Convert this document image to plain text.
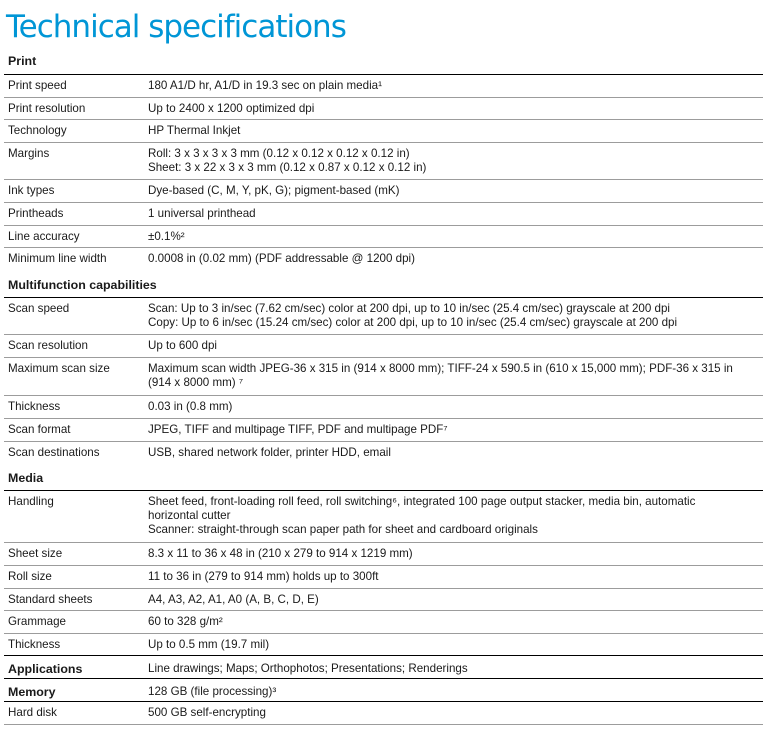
Technical specifications
Print
Print speed	180 A1/D hr, A1/D in 19.3 sec on plain media¹
Print resolution	Up to 2400 x 1200 optimized dpi
Technology	HP Thermal Inkjet
Margins	Roll: 3 x 3 x 3 x 3 mm (0.12 x 0.12 x 0.12 x 0.12 in)
Sheet: 3 x 22 x 3 x 3 mm (0.12 x 0.87 x 0.12 x 0.12 in)
Ink types	Dye-based (C, M, Y, pK, G); pigment-based (mK)
Printheads	1 universal printhead
Line accuracy	±0.1%²
Minimum line width	0.0008 in (0.02 mm) (PDF addressable @ 1200 dpi)
Multifunction capabilities
Scan speed	Scan: Up to 3 in/sec (7.62 cm/sec) color at 200 dpi, up to 10 in/sec (25.4 cm/sec) grayscale at 200 dpi
Copy: Up to 6 in/sec (15.24 cm/sec) color at 200 dpi, up to 10 in/sec (25.4 cm/sec) grayscale at 200 dpi
Scan resolution	Up to 600 dpi
Maximum scan size	Maximum scan width JPEG-36 x 315 in (914 x 8000 mm); TIFF-24 x 590.5 in (610 x 15,000 mm); PDF-36 x 315 in
(914 x 8000 mm) ⁷
Thickness	0.03 in (0.8 mm)
Scan format	JPEG, TIFF and multipage TIFF, PDF and multipage PDF⁷
Scan destinations	USB, shared network folder, printer HDD, email
Media
Handling	Sheet feed, front-loading roll feed, roll switching⁶, integrated 100 page output stacker, media bin, automatic
horizontal cutter
Scanner: straight-through scan paper path for sheet and cardboard originals
Sheet size	8.3 x 11 to 36 x 48 in (210 x 279 to 914 x 1219 mm)
Roll size	11 to 36 in (279 to 914 mm) holds up to 300ft
Standard sheets	A4, A3, A2, A1, A0 (A, B, C, D, E)
Grammage	60 to 328 g/m²
Thickness	Up to 0.5 mm (19.7 mil)
Applications	Line drawings; Maps; Orthophotos; Presentations; Renderings
Memory	128 GB (file processing)³
Hard disk	500 GB self-encrypting
